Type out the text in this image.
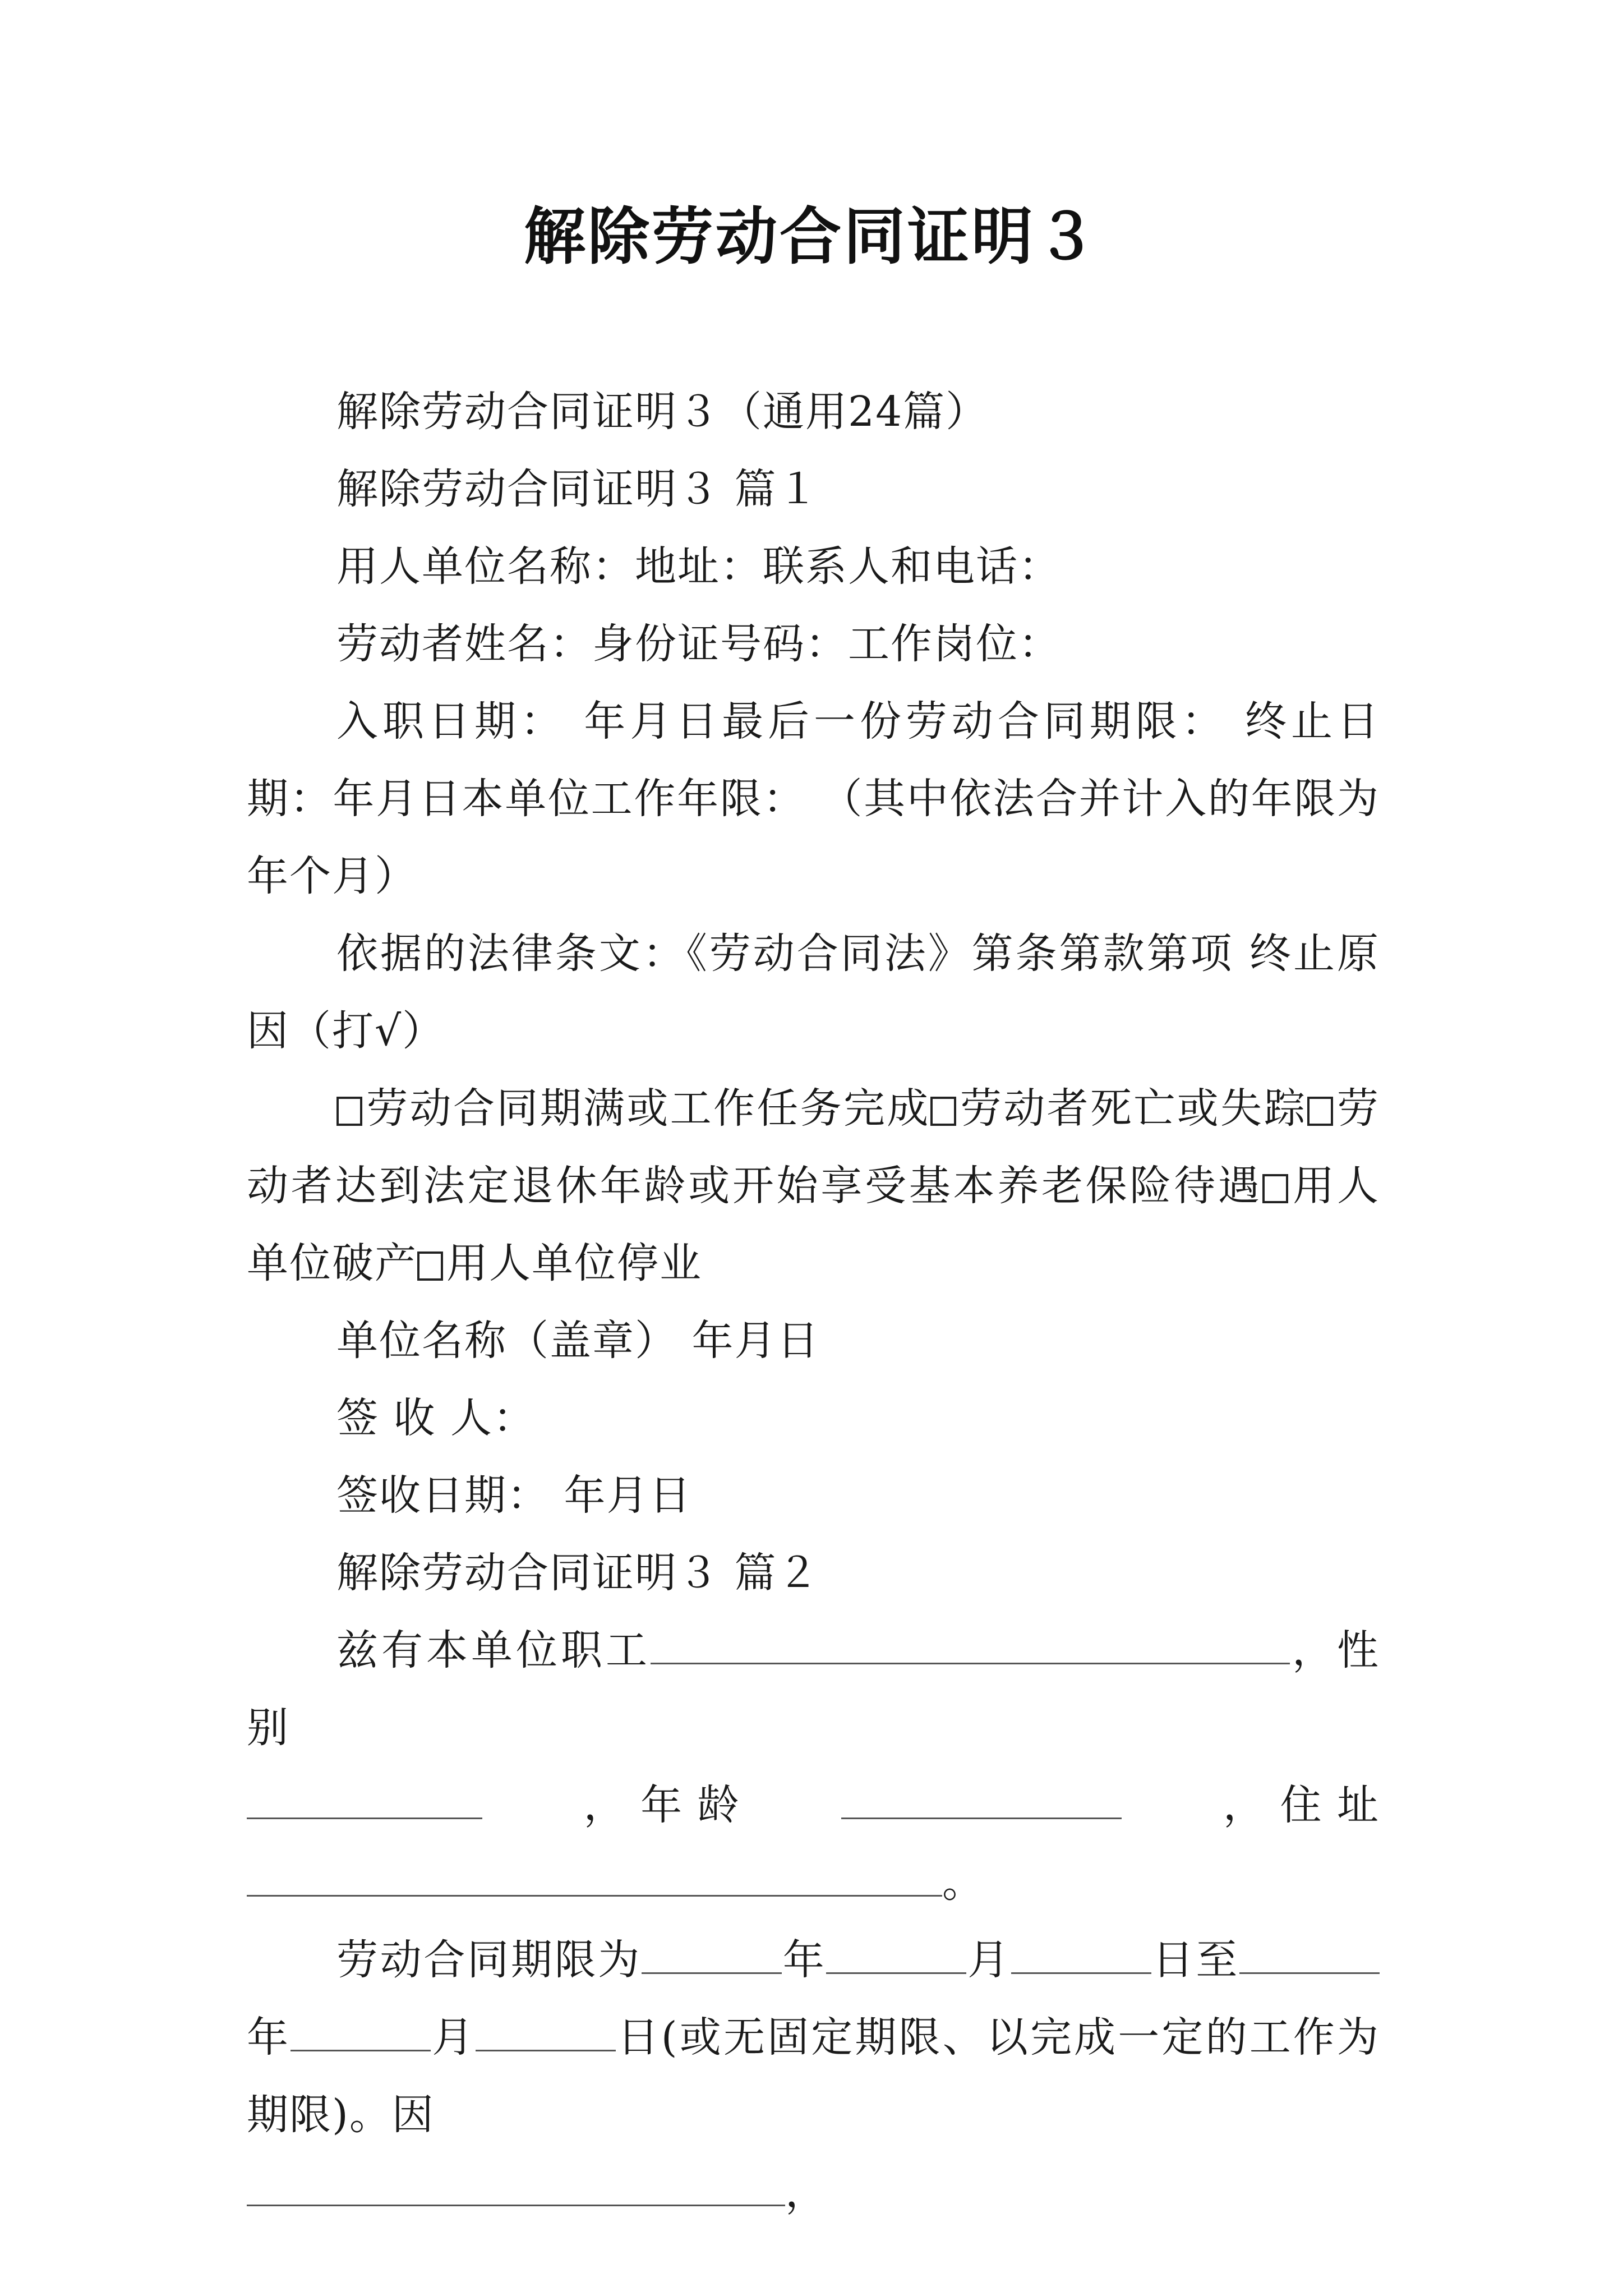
解除劳动合同证明３

解除劳动合同证明３（通用24篇）

解除劳动合同证明３ 篇１

用人单位名称：地址：联系人和电话：

劳动者姓名：身份证号码：工作岗位：

入职日期： 年月日最后一份劳动合同期限： 终止日期：年月日本单位工作年限： （其中依法合并计入的年限为 年个月）

依据的法律条文：《劳动合同法》第条第款第项 终止原因（打√）

劳动合同期满或工作任务完成 劳动者死亡或失踪 劳动者达到法定退休年龄或开始享受基本养老保险待遇 用人单位破产 用人单位停业

单位名称（盖章） 年月日

签 收 人：

签收日期： 年月日

解除劳动合同证明３ 篇２

兹有本单位职工	，性别

， 年 龄	， 住 址

。

劳动合同期限为	年	月	日至年	月	日(或无固定期限、以完成一定的工作为期限)。因

，
